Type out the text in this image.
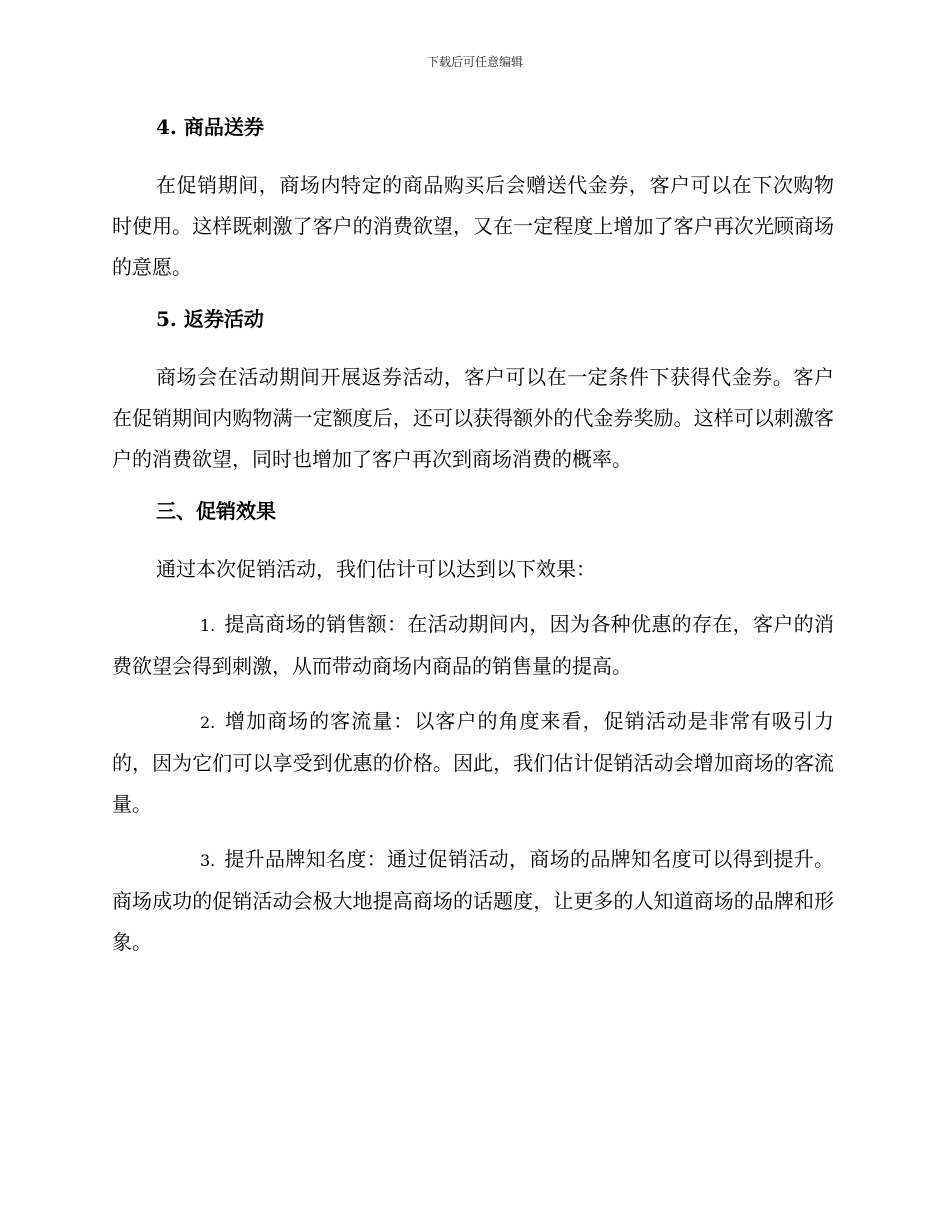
下载后可任意编辑

4. 商品送券

在促销期间，商场内特定的商品购买后会赠送代金券，客户可以在下次购物时使用。这样既刺激了客户的消费欲望，又在一定程度上增加了客户再次光顾商场的意愿。

5. 返券活动

商场会在活动期间开展返券活动，客户可以在一定条件下获得代金券。客户在促销期间内购物满一定额度后，还可以获得额外的代金券奖励。这样可以刺激客户的消费欲望，同时也增加了客户再次到商场消费的概率。

三、促销效果

通过本次促销活动，我们估计可以达到以下效果：

1. 提高商场的销售额：在活动期间内，因为各种优惠的存在，客户的消费欲望会得到刺激，从而带动商场内商品的销售量的提高。

2. 增加商场的客流量：以客户的角度来看，促销活动是非常有吸引力的，因为它们可以享受到优惠的价格。因此，我们估计促销活动会增加商场的客流量。

3. 提升品牌知名度：通过促销活动，商场的品牌知名度可以得到提升。商场成功的促销活动会极大地提高商场的话题度，让更多的人知道商场的品牌和形象。
